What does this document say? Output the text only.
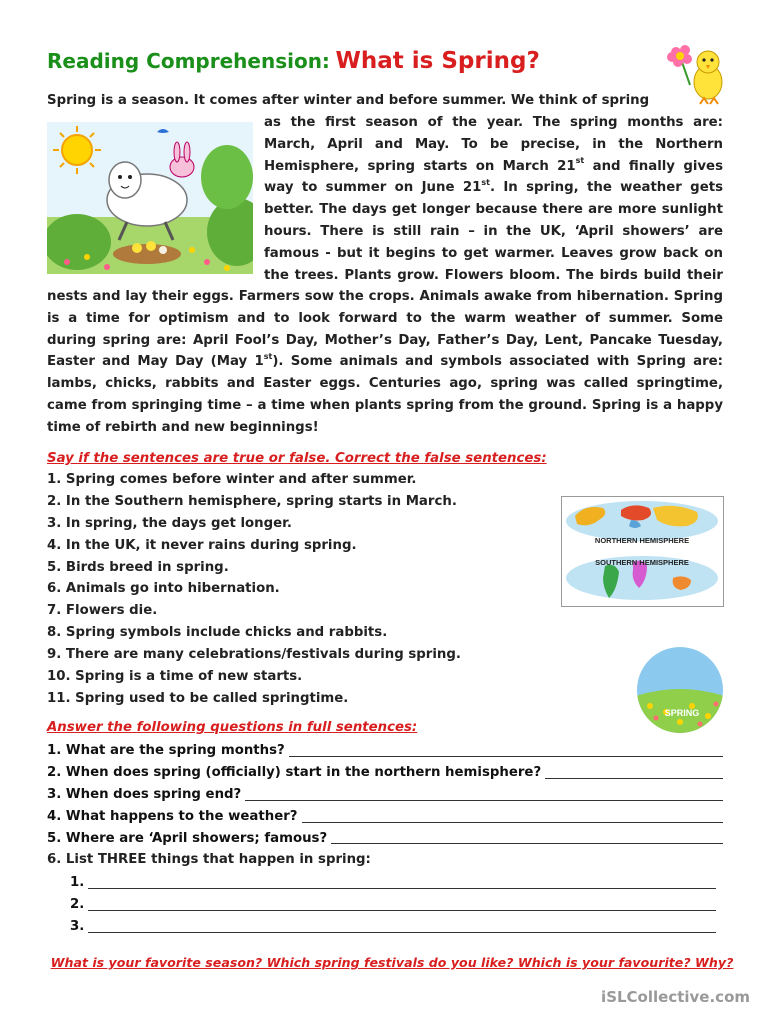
Reading Comprehension: What is Spring?
Spring is a season. It comes after winter and before summer. We think of spring
as the first season of the year. The spring months are:
March, April and May. To be precise, in the Northern
Hemisphere, spring starts on March 21st and finally gives
way to summer on June 21st. In spring, the weather gets
better. The days get longer because there are more sunlight
hours. There is still rain – in the UK, ‘April showers’ are
famous - but it begins to get warmer. Leaves grow back on
the trees. Plants grow. Flowers bloom. The birds build their
nests and lay their eggs. Farmers sow the crops. Animals awake from hibernation. Spring
is a time for optimism and to look forward to the warm weather of summer. Some
during spring are: April Fool’s Day, Mother’s Day, Father’s Day, Lent, Pancake Tuesday,
Easter and May Day (May 1st). Some animals and symbols associated with Spring are:
lambs, chicks, rabbits and Easter eggs. Centuries ago, spring was called springtime,
came from springing time – a time when plants spring from the ground. Spring is a happy
time of rebirth and new beginnings!
Say if the sentences are true or false. Correct the false sentences:
1. Spring comes before winter and after summer.
2. In the Southern hemisphere, spring starts in March.
3. In spring, the days get longer.
4. In the UK, it never rains during spring.
5. Birds breed in spring.
6. Animals go into hibernation.
7. Flowers die.
8. Spring symbols include chicks and rabbits.
9. There are many celebrations/festivals during spring.
10. Spring is a time of new starts.
11. Spring used to be called springtime.
NORTHERN HEMISPHERE
SOUTHERN HEMISPHERE
SPRING
Answer the following questions in full sentences:
1. What are the spring months?
2. When does spring (officially) start in the northern hemisphere?
3. When does spring end?
4. What happens to the weather?
5. Where are ‘April showers; famous?
6. List THREE things that happen in spring:
1.
2.
3.
What is your favorite season? Which spring festivals do you like? Which is your favourite? Why?
iSLCollective.com
